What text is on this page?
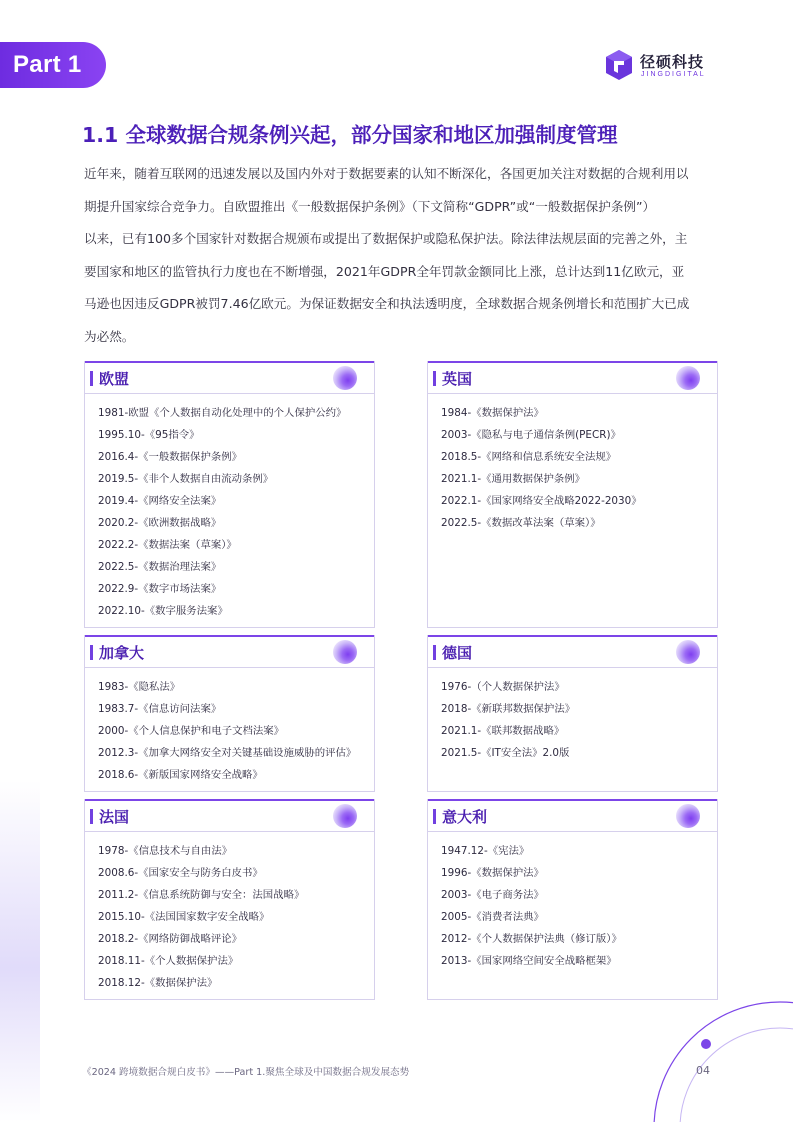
Part 1	径硕科技
JINGDIGITAL
1.1 全球数据合规条例兴起，部分国家和地区加强制度管理
近年来，随着互联网的迅速发展以及国内外对于数据要素的认知不断深化，各国更加关注对数据的合规利用以
期提升国家综合竞争力。自欧盟推出《一般数据保护条例》（下文简称“GDPR”或“一般数据保护条例”）
以来，已有100多个国家针对数据合规颁布或提出了数据保护或隐私保护法。除法律法规层面的完善之外，主
要国家和地区的监管执行力度也在不断增强，2021年GDPR全年罚款金额同比上涨，总计达到11亿欧元，亚
马逊也因违反GDPR被罚7.46亿欧元。为保证数据安全和执法透明度，全球数据合规条例增长和范围扩大已成
为必然。
欧盟
1981-欧盟《个人数据自动化处理中的个人保护公约》
1995.10-《95指令》
2016.4-《一般数据保护条例》
2019.5-《非个人数据自由流动条例》
2019.4-《网络安全法案》
2020.2-《欧洲数据战略》
2022.2-《数据法案（草案）》
2022.5-《数据治理法案》
2022.9-《数字市场法案》
2022.10-《数字服务法案》
英国
1984-《数据保护法》
2003-《隐私与电子通信条例(PECR)》
2018.5-《网络和信息系统安全法规》
2021.1-《通用数据保护条例》
2022.1-《国家网络安全战略2022-2030》
2022.5-《数据改革法案（草案）》
加拿大
1983-《隐私法》
1983.7-《信息访问法案》
2000-《个人信息保护和电子文档法案》
2012.3-《加拿大网络安全对关键基础设施威胁的评估》
2018.6-《新版国家网络安全战略》
德国
1976-（个人数据保护法》
2018-《新联邦数据保护法》
2021.1-《联邦数据战略》
2021.5-《IT安全法》2.0版
法国
1978-《信息技术与自由法》
2008.6-《国家安全与防务白皮书》
2011.2-《信息系统防御与安全：法国战略》
2015.10-《法国国家数字安全战略》
2018.2-《网络防御战略评论》
2018.11-《个人数据保护法》
2018.12-《数据保护法》
意大利
1947.12-《宪法》
1996-《数据保护法》
2003-《电子商务法》
2005-《消费者法典》
2012-《个人数据保护法典（修订版）》
2013-《国家网络空间安全战略框架》
《2024 跨境数据合规白皮书》——Part 1.聚焦全球及中国数据合规发展态势	04
